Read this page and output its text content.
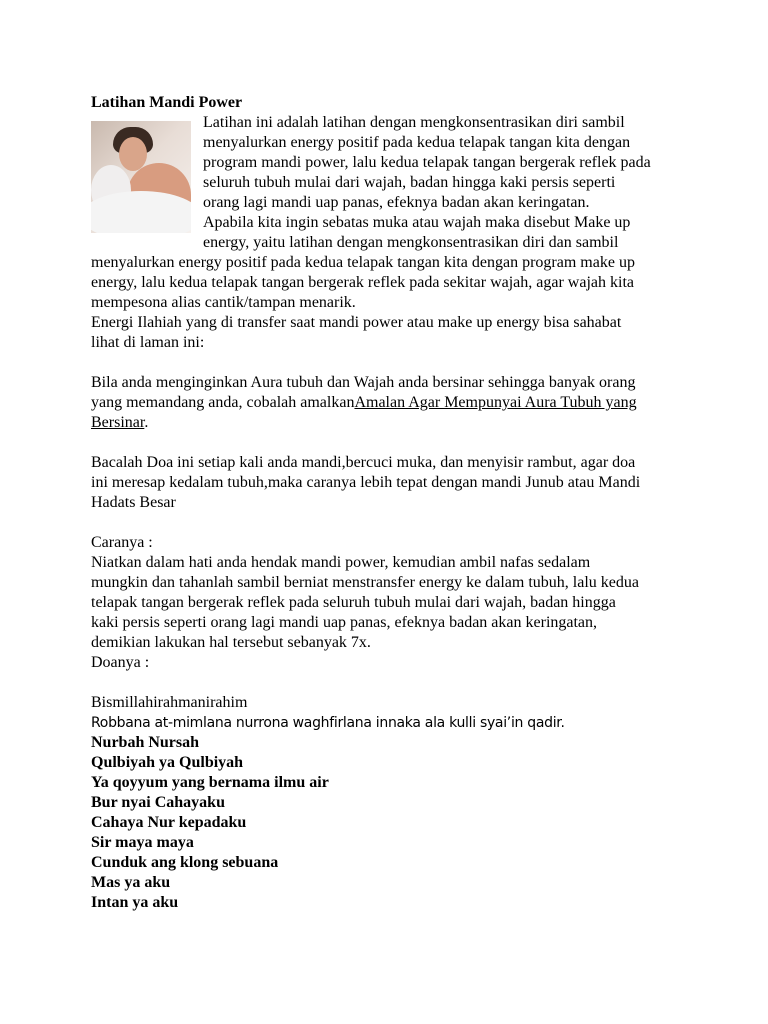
Latihan Mandi Power
Latihan ini adalah latihan dengan mengkonsentrasikan diri sambil
menyalurkan energy positif pada kedua telapak tangan kita dengan
program mandi power, lalu kedua telapak tangan bergerak reflek pada
seluruh tubuh mulai dari wajah, badan hingga kaki persis seperti
orang lagi mandi uap panas, efeknya badan akan keringatan.
Apabila kita ingin sebatas muka atau wajah maka disebut Make up
energy, yaitu latihan dengan mengkonsentrasikan diri dan sambil
menyalurkan energy positif pada kedua telapak tangan kita dengan program make up
energy, lalu kedua telapak tangan bergerak reflek pada sekitar wajah, agar wajah kita
mempesona alias cantik/tampan menarik.
Energi Ilahiah yang di transfer saat mandi power atau make up energy bisa sahabat
lihat di laman ini:
Bila anda menginginkan Aura tubuh dan Wajah anda bersinar sehingga banyak orang
yang memandang anda, cobalah amalkanAmalan Agar Mempunyai Aura Tubuh yang
Bersinar.
Bacalah Doa ini setiap kali anda mandi,bercuci muka, dan menyisir rambut, agar doa
ini meresap kedalam tubuh,maka caranya lebih tepat dengan mandi Junub atau Mandi
Hadats Besar
Caranya :
Niatkan dalam hati anda hendak mandi power, kemudian ambil nafas sedalam
mungkin dan tahanlah sambil berniat menstransfer energy ke dalam tubuh, lalu kedua
telapak tangan bergerak reflek pada seluruh tubuh mulai dari wajah, badan hingga
kaki persis seperti orang lagi mandi uap panas, efeknya badan akan keringatan,
demikian lakukan hal tersebut sebanyak 7x.
Doanya :
Bismillahirahmanirahim
Robbana at-mimlana nurrona waghfirlana innaka ala kulli syai’in qadir.
Nurbah Nursah
Qulbiyah ya Qulbiyah
Ya qoyyum yang bernama ilmu air
Bur nyai Cahayaku
Cahaya Nur kepadaku
Sir maya maya
Cunduk ang klong sebuana
Mas ya aku
Intan ya aku
